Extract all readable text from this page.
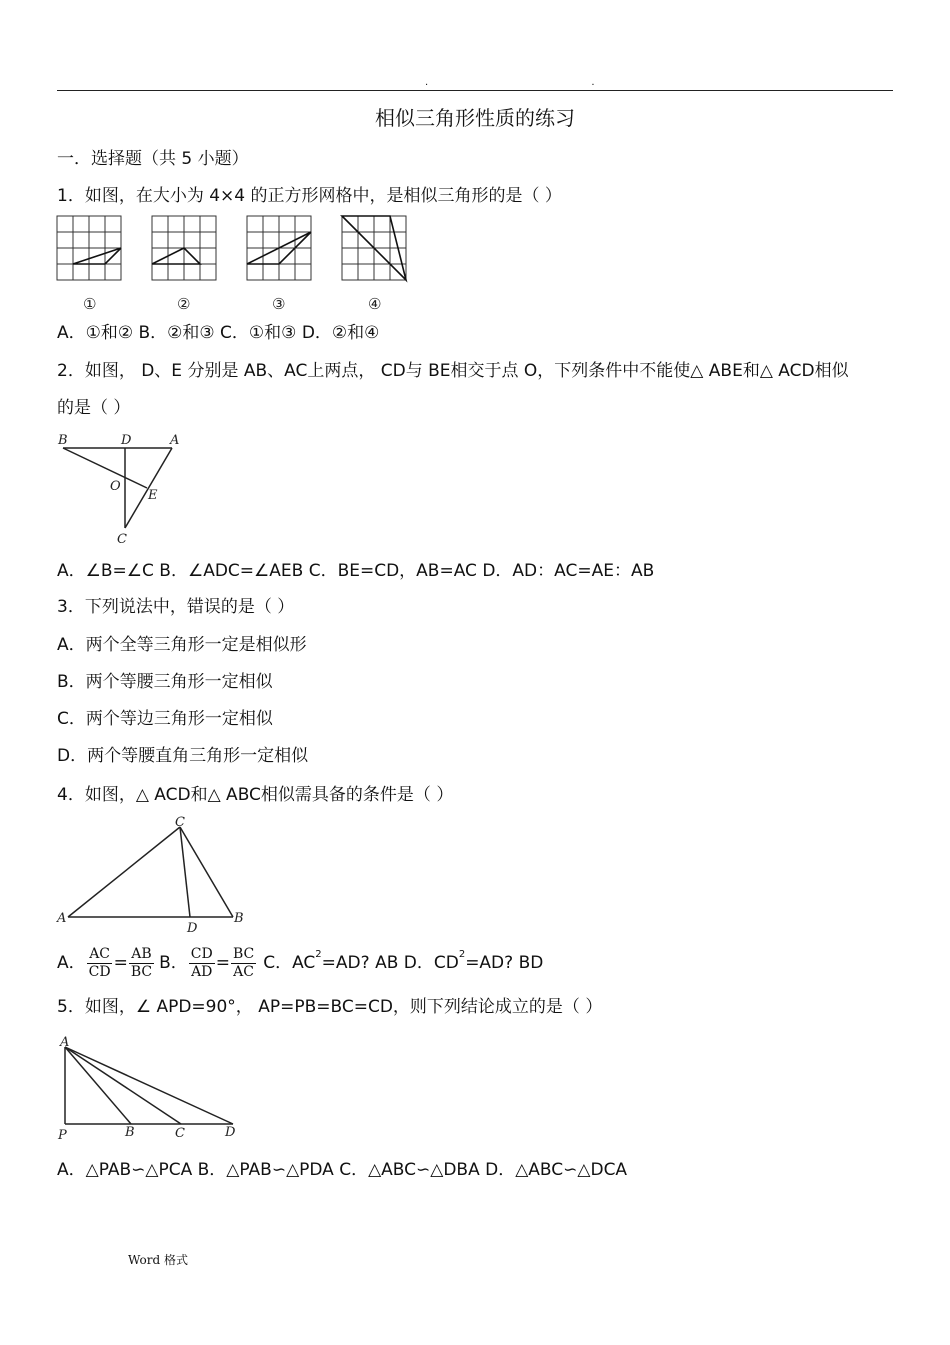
. .
相似三角形性质的练习
一．选择题（共 5 小题）
1．如图，在大小为 4×4 的正方形网格中，是相似三角形的是（ ）
①	②	③	④
A．①和② B．②和③ C．①和③ D．②和④
2．如图， D、E 分别是 AB、AC上两点， CD与 BE相交于点 O，下列条件中不能使△ ABE和△ ACD相似
的是（ ）
B	D	A
O
E
C
A．∠B=∠C B．∠ADC=∠AEB C．BE=CD，AB=AC D．AD：AC=AE：AB
3．下列说法中，错误的是（ ）
A．两个全等三角形一定是相似形
B．两个等腰三角形一定相似
C．两个等边三角形一定相似
D．两个等腰直角三角形一定相似
4．如图，△ ACD和△ ABC相似需具备的条件是（ ）
C
A
D
B
A． $\frac{AC}{CD} = \frac{AB}{BC}$ B． $\frac{CD}{AD} = \frac{BC}{AC}$ C．AC 2 =AD? AB D．CD 2 =AD? BD
5．如图，∠ APD=90°， AP=PB=BC=CD，则下列结论成立的是（ ）
A
P	B	C	D
A．△PAB∽△PCA B．△PAB∽△PDA C．△ABC∽△DBA D．△ABC∽△DCA
Word 格式
